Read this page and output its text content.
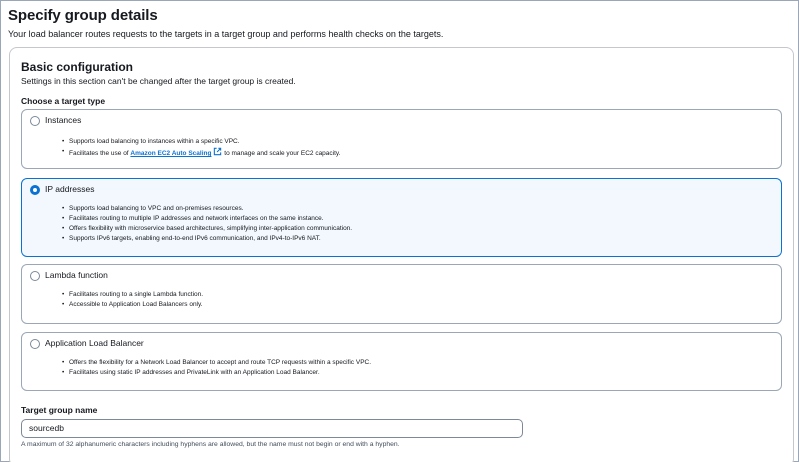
Specify group details
Your load balancer routes requests to the targets in a target group and performs health checks on the targets.
Basic configuration
Settings in this section can't be changed after the target group is created.
Choose a target type
Instances
• Supports load balancing to instances within a specific VPC.
• Facilitates the use of Amazon EC2 Auto Scaling to manage and scale your EC2 capacity.
IP addresses
• Supports load balancing to VPC and on-premises resources.
• Facilitates routing to multiple IP addresses and network interfaces on the same instance.
• Offers flexibility with microservice based architectures, simplifying inter-application communication.
• Supports IPv6 targets, enabling end-to-end IPv6 communication, and IPv4-to-IPv6 NAT.
Lambda function
• Facilitates routing to a single Lambda function.
• Accessible to Application Load Balancers only.
Application Load Balancer
• Offers the flexibility for a Network Load Balancer to accept and route TCP requests within a specific VPC.
• Facilitates using static IP addresses and PrivateLink with an Application Load Balancer.
Target group name
sourcedb
A maximum of 32 alphanumeric characters including hyphens are allowed, but the name must not begin or end with a hyphen.
